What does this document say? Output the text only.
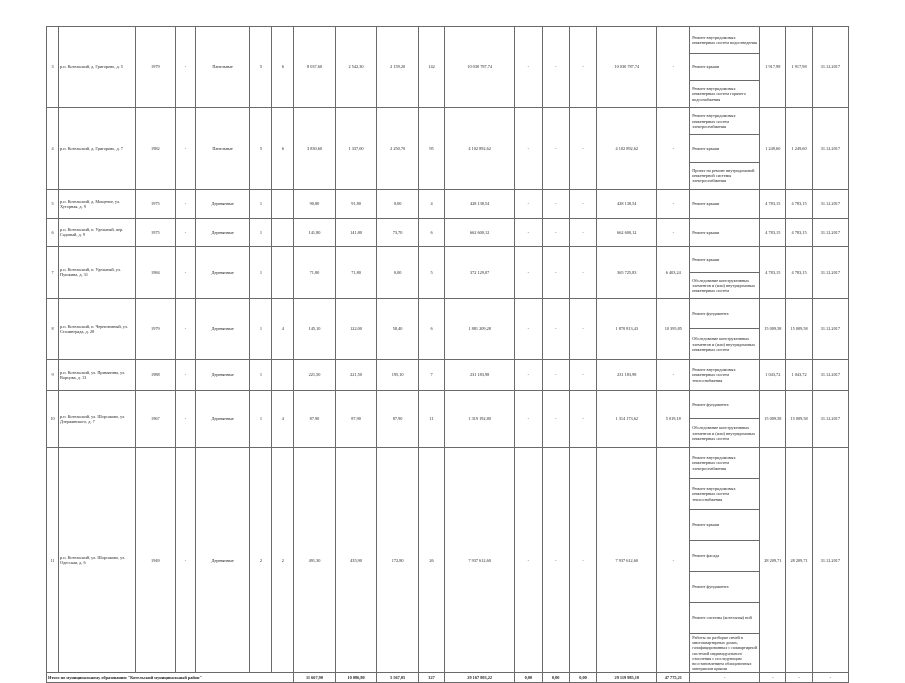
3	р.п. Котельский, д. Григорово, д. 5	1979	-	Панельные	5	6	8 037,60	2 542,30	2 159,20	142	10 030 787,74	-	-	-	10 030 787,74	-	Ремонт внутридомовых инженерных систем водоотведения	1 917,98	1 917,98	31.12.2017
																	Ремонт крыши			
																	Ремонт внутридомовых инженерных систем горячего водоснабжения			
4	р.п. Котельский, д. Григорово, д. 7	1982	-	Панельные	5	6	3 830,60	1 337,00	2 250,70	95	4 102 892,62	-	-	-	4 102 892,62	-	Ремонт внутридомовых инженерных систем электроснабжения	1 249,60	1 249,60	31.12.2017
																	Ремонт крыши			
																	Проект на ремонт внутридомовой инженерной системы электроснабжения			
5	р.п. Котельский, д. Мощеное, ул. Хуторная, д. 9	1975	-	Деревянные	1		90,80	91,80	0,00	4	428 138,54	-	-	-	428 138,54	-	Ремонт крыши	4 783,15	4 783,15	31.12.2017
6	р.п. Котельский, п. Удельный, пер. Садовый, д. 9	1975	-	Деревянные	1		141,80	141,80	73,70	6	662 600,12	-	-	-	662 600,12	-	Ремонт крыши	4 783,15	4 783,15	31.12.2017
7	р.п. Котельский, п. Удельный, ул. Пушкина, д. 31	1984	-	Деревянные	1		71,80	71,80	0,00	5	372 129,07	-	-	-	365 725,83	6 403,24	Ремонт крыши	4 783,15	4 783,15	31.12.2017
																	Обследование конструктивных элементов и (или) внутридомовых инженерных систем			
8	р.п. Котельский, п. Черноземный, ул. Сталинграда, д. 28	1979	-	Деревянные	1	4	145,10	122,00	58,40	6	1 881 209,28	-	-	-	1 870 813,43	10 395,85	Ремонт фундамента	15 009,58	15 009,58	31.12.2017
																	Обследование конструктивных элементов и (или) внутридомовых инженерных систем			
9	р.п. Котельский, ул. Примятина, ул. Ворцова, д. 13	1988	-	Деревянные	1		221,50	221,50	195,10	7	231 183,98	-	-	-	231 183,98	-	Ремонт внутридомовых инженерных систем теплоснабжения	1 043,72	1 043,72	31.12.2017
10	р.п. Котельский, ул. Шорсаково, ул. Дзержинского, д. 7	1967	-	Деревянные	1	4	87,90	87,90	87,90	11	1 319 192,80	-	-	-	1 314 173,62	5 019,18	Ремонт фундамента	15 009,58	15 009,58	31.12.2017
																	Обследование конструктивных элементов и (или) внутридомовых инженерных систем			
11	р.п. Котельский, ул. Шорсаково, ул. Одесская, д. 6	1949	-	Деревянные	2	2	491,30	435,90	172,80	26	7 937 612,60	-	-	-	7 937 612,60	-	Ремонт внутридомовых инженерных систем электроснабжения	28 209,71	28 209,71	31.12.2017
																	Ремонт внутридомовых инженерных систем теплоснабжения			
																	Ремонт крыши			
																	Ремонт фасада			
																	Ремонт фундамента			
																	Ремонт системы (котельная) ной			
																	Работы по разборке печей в многоквартирных домах, газифицированных с поквартирной системой индивидуального отопления с последующим восстановлением облицовочных материалов крыши			
Итого по муниципальному образованию "Котельский муниципальный район"							11 667,90	10 086,80	5 567,05	327	29 167 803,22	0,00	0,00	0,00	29 119 985,10	47 775,21	-	-	-	-
